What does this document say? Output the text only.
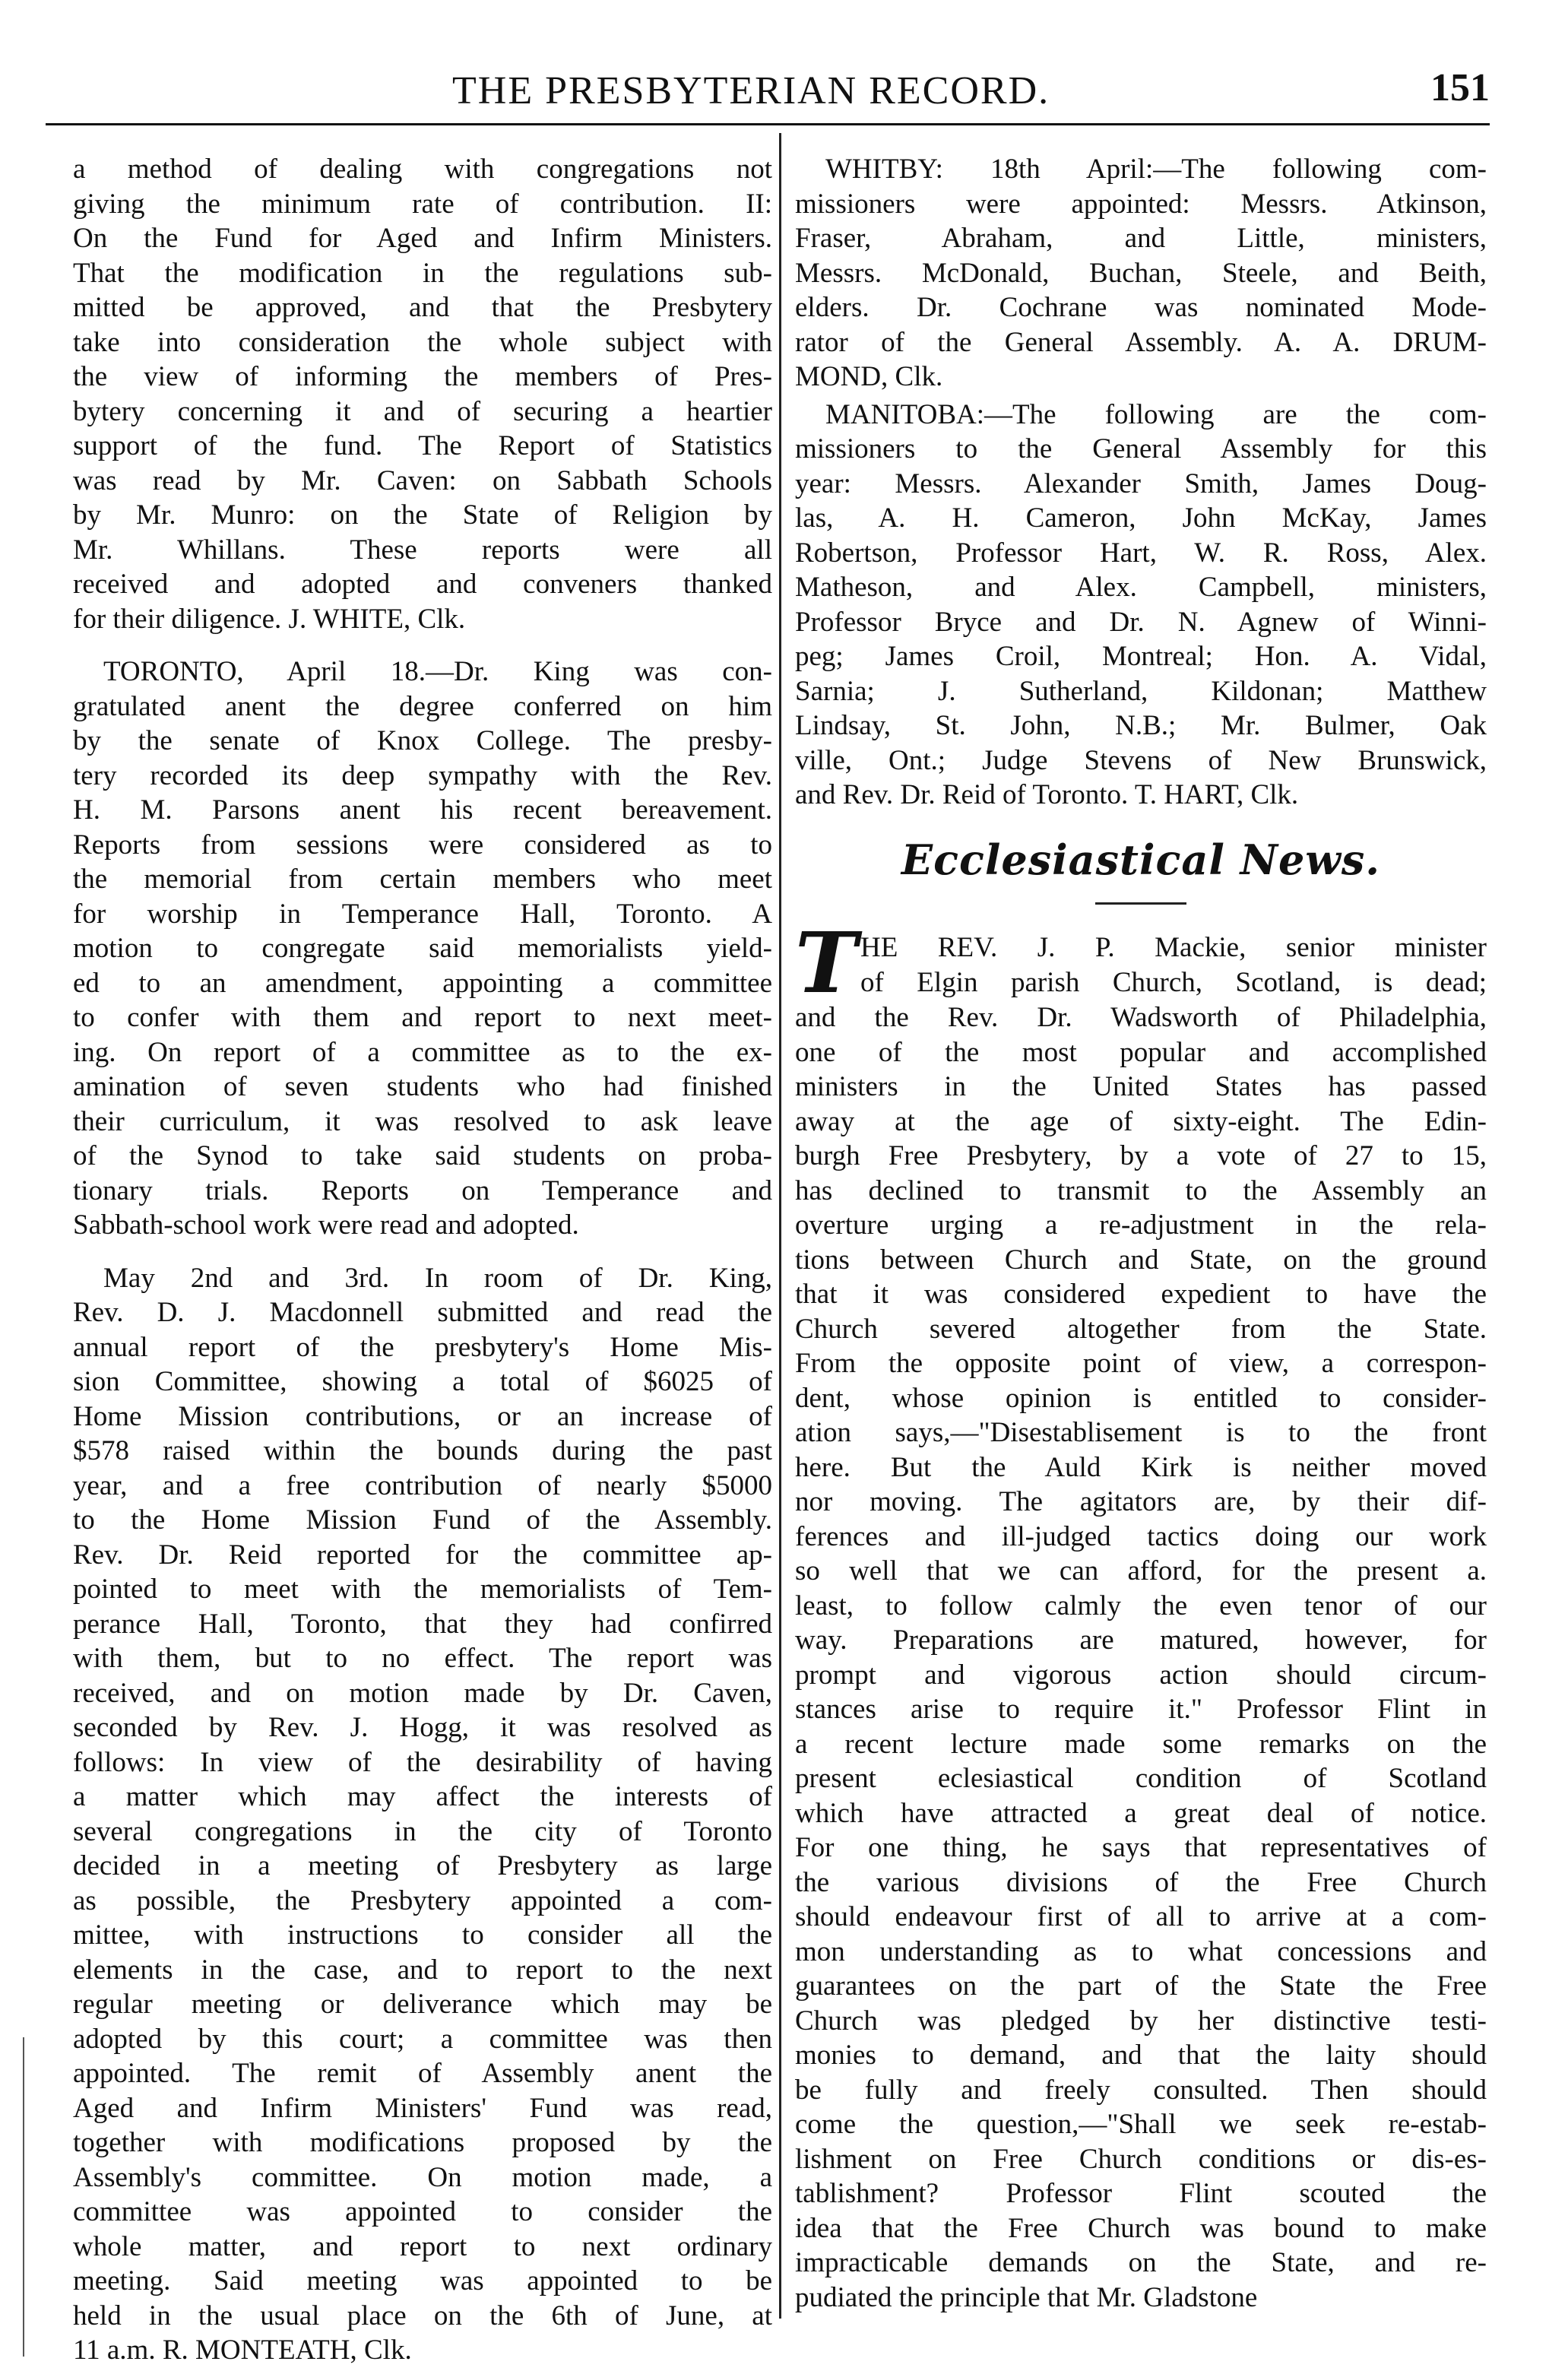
THE PRESBYTERIAN RECORD.	151
a method of dealing with congregations not
giving the minimum rate of contribution. II:
On the Fund for Aged and Infirm Ministers.
That the modification in the regulations sub-
mitted be approved, and that the Presbytery
take into consideration the whole subject with
the view of informing the members of Pres-
bytery concerning it and of securing a heartier
support of the fund. The Report of Statistics
was read by Mr. Caven: on Sabbath Schools
by Mr. Munro: on the State of Religion by
Mr. Whillans. These reports were all
received and adopted and conveners thanked
for their diligence. J. WHITE, Clk.
TORONTO, April 18.—Dr. King was con-
gratulated anent the degree conferred on him
by the senate of Knox College. The presby-
tery recorded its deep sympathy with the Rev.
H. M. Parsons anent his recent bereavement.
Reports from sessions were considered as to
the memorial from certain members who meet
for worship in Temperance Hall, Toronto. A
motion to congregate said memorialists yield-
ed to an amendment, appointing a committee
to confer with them and report to next meet-
ing. On report of a committee as to the ex-
amination of seven students who had finished
their curriculum, it was resolved to ask leave
of the Synod to take said students on proba-
tionary trials. Reports on Temperance and
Sabbath-school work were read and adopted.
May 2nd and 3rd. In room of Dr. King,
Rev. D. J. Macdonnell submitted and read the
annual report of the presbytery's Home Mis-
sion Committee, showing a total of $6025 of
Home Mission contributions, or an increase of
$578 raised within the bounds during the past
year, and a free contribution of nearly $5000
to the Home Mission Fund of the Assembly.
Rev. Dr. Reid reported for the committee ap-
pointed to meet with the memorialists of Tem-
perance Hall, Toronto, that they had confirred
with them, but to no effect. The report was
received, and on motion made by Dr. Caven,
seconded by Rev. J. Hogg, it was resolved as
follows: In view of the desirability of having
a matter which may affect the interests of
several congregations in the city of Toronto
decided in a meeting of Presbytery as large
as possible, the Presbytery appointed a com-
mittee, with instructions to consider all the
elements in the case, and to report to the next
regular meeting or deliverance which may be
adopted by this court; a committee was then
appointed. The remit of Assembly anent the
Aged and Infirm Ministers' Fund was read,
together with modifications proposed by the
Assembly's committee. On motion made, a
committee was appointed to consider the
whole matter, and report to next ordinary
meeting. Said meeting was appointed to be
held in the usual place on the 6th of June, at
11 a.m. R. MONTEATH, Clk.
WHITBY: 18th April:—The following com-
missioners were appointed: Messrs. Atkinson,
Fraser, Abraham, and Little, ministers,
Messrs. McDonald, Buchan, Steele, and Beith,
elders. Dr. Cochrane was nominated Mode-
rator of the General Assembly. A. A. DRUM-
MOND, Clk.
MANITOBA:—The following are the com-
missioners to the General Assembly for this
year: Messrs. Alexander Smith, James Doug-
las, A. H. Cameron, John McKay, James
Robertson, Professor Hart, W. R. Ross, Alex.
Matheson, and Alex. Campbell, ministers,
Professor Bryce and Dr. N. Agnew of Winni-
peg; James Croil, Montreal; Hon. A. Vidal,
Sarnia; J. Sutherland, Kildonan; Matthew
Lindsay, St. John, N.B.; Mr. Bulmer, Oak
ville, Ont.; Judge Stevens of New Brunswick,
and Rev. Dr. Reid of Toronto. T. HART, Clk.
Ecclesiastical News.
T HE REV. J. P. Mackie, senior minister
of Elgin parish Church, Scotland, is dead;
and the Rev. Dr. Wadsworth of Philadelphia,
one of the most popular and accomplished
ministers in the United States has passed
away at the age of sixty-eight. The Edin-
burgh Free Presbytery, by a vote of 27 to 15,
has declined to transmit to the Assembly an
overture urging a re-adjustment in the rela-
tions between Church and State, on the ground
that it was considered expedient to have the
Church severed altogether from the State.
From the opposite point of view, a correspon-
dent, whose opinion is entitled to consider-
ation says,—"Disestablisement is to the front
here. But the Auld Kirk is neither moved
nor moving. The agitators are, by their dif-
ferences and ill-judged tactics doing our work
so well that we can afford, for the present a.
least, to follow calmly the even tenor of our
way. Preparations are matured, however, for
prompt and vigorous action should circum-
stances arise to require it." Professor Flint in
a recent lecture made some remarks on the
present eclesiastical condition of Scotland
which have attracted a great deal of notice.
For one thing, he says that representatives of
the various divisions of the Free Church
should endeavour first of all to arrive at a com-
mon understanding as to what concessions and
guarantees on the part of the State the Free
Church was pledged by her distinctive testi-
monies to demand, and that the laity should
be fully and freely consulted. Then should
come the question,—"Shall we seek re-estab-
lishment on Free Church conditions or dis-es-
tablishment? Professor Flint scouted the
idea that the Free Church was bound to make
impracticable demands on the State, and re-
pudiated the principle that Mr. Gladstone
